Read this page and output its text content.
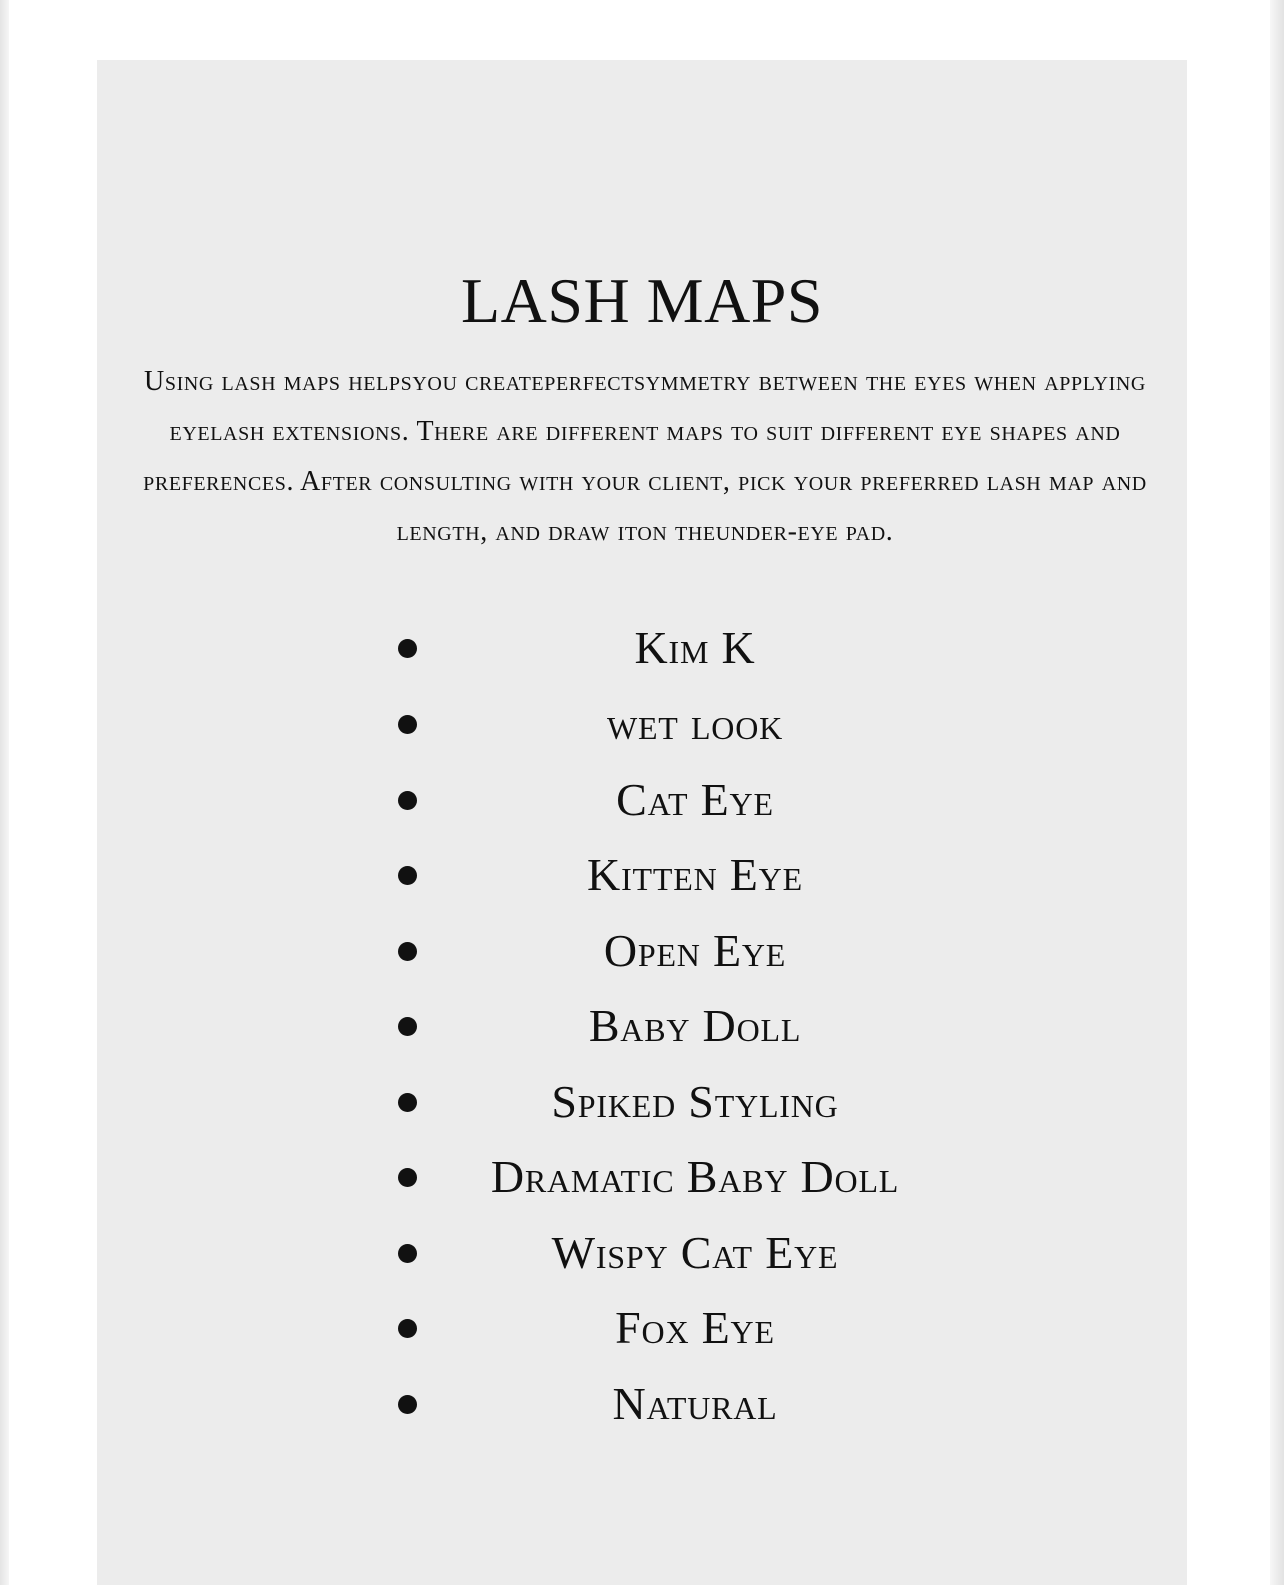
LASH MAPS

Using lash maps helpsyou createperfectsymmetry between the eyes when applying eyelash extensions. There are different maps to suit different eye shapes and preferences. After consulting with your client, pick your preferred lash map and length, and draw iton theunder-eye pad.

Kim K
wet look
Cat Eye
Kitten Eye
Open Eye
Baby Doll
Spiked Styling
Dramatic Baby Doll
Wispy Cat Eye
Fox Eye
Natural
